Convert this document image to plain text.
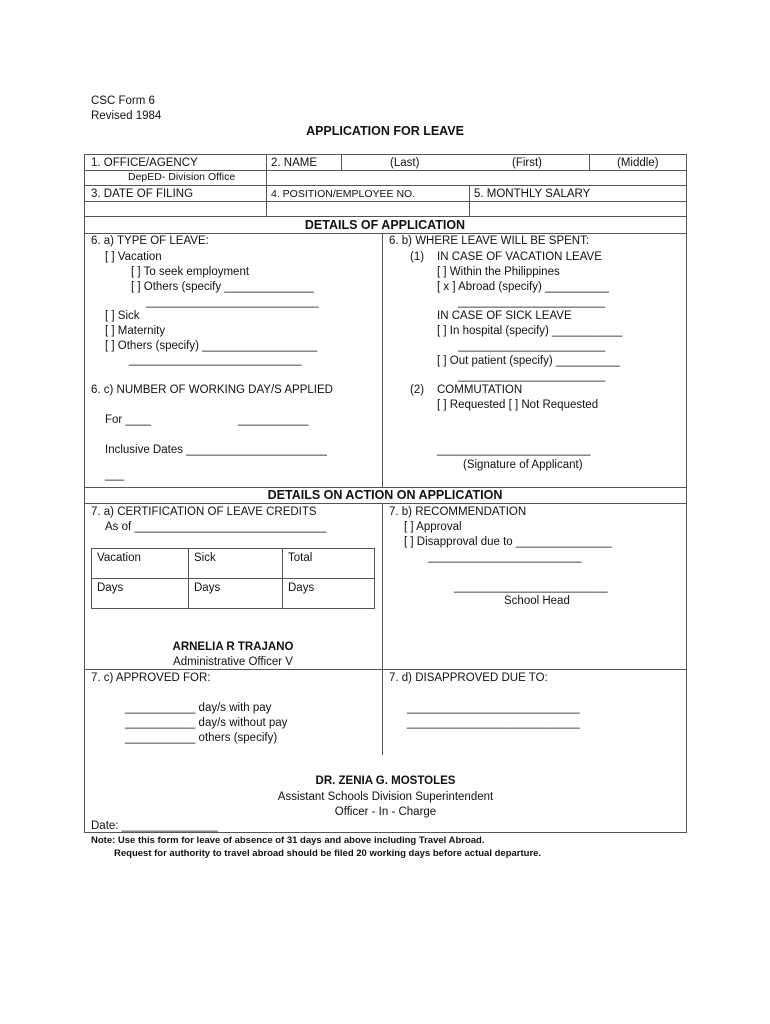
CSC Form 6
Revised 1984
APPLICATION FOR LEAVE
1. OFFICE/AGENCY
DepED- Division Office
2. NAME	(Last)	(First)	(Middle)
3. DATE OF FILING	4. POSITION/EMPLOYEE NO.	5. MONTHLY SALARY
DETAILS OF APPLICATION
6. a) TYPE OF LEAVE:
[ ] Vacation
[ ] To seek employment
[ ] Others (specify ______________
___________________________
[ ] Sick
[ ] Maternity
[ ] Others (specify) __________________
___________________________
6. c) NUMBER OF WORKING DAY/S APPLIED
For ____	___________
Inclusive Dates ______________________
___
6. b) WHERE LEAVE WILL BE SPENT:
(1) IN CASE OF VACATION LEAVE
[ ] Within the Philippines
[ x ] Abroad (specify) __________
_______________________
IN CASE OF SICK LEAVE
[ ] In hospital (specify) ___________
_______________________
[ ] Out patient (specify) __________
_______________________
(2) COMMUTATION
[ ] Requested [ ] Not Requested
________________________
(Signature of Applicant)
DETAILS ON ACTION ON APPLICATION
7. a) CERTIFICATION OF LEAVE CREDITS
As of ______________________________
Vacation	Sick	Total
Days	Days	Days
ARNELIA R TRAJANO
Administrative Officer V
7. b) RECOMMENDATION
[ ] Approval
[ ] Disapproval due to _______________
________________________
________________________
School Head
7. c) APPROVED FOR:
___________ day/s with pay
___________ day/s without pay
___________ others (specify)
7. d) DISAPPROVED DUE TO:
___________________________
___________________________
DR. ZENIA G. MOSTOLES
Assistant Schools Division Superintendent
Officer - In - Charge
Date: _______________
Note: Use this form for leave of absence of 31 days and above including Travel Abroad.
Request for authority to travel abroad should be filed 20 working days before actual departure.
